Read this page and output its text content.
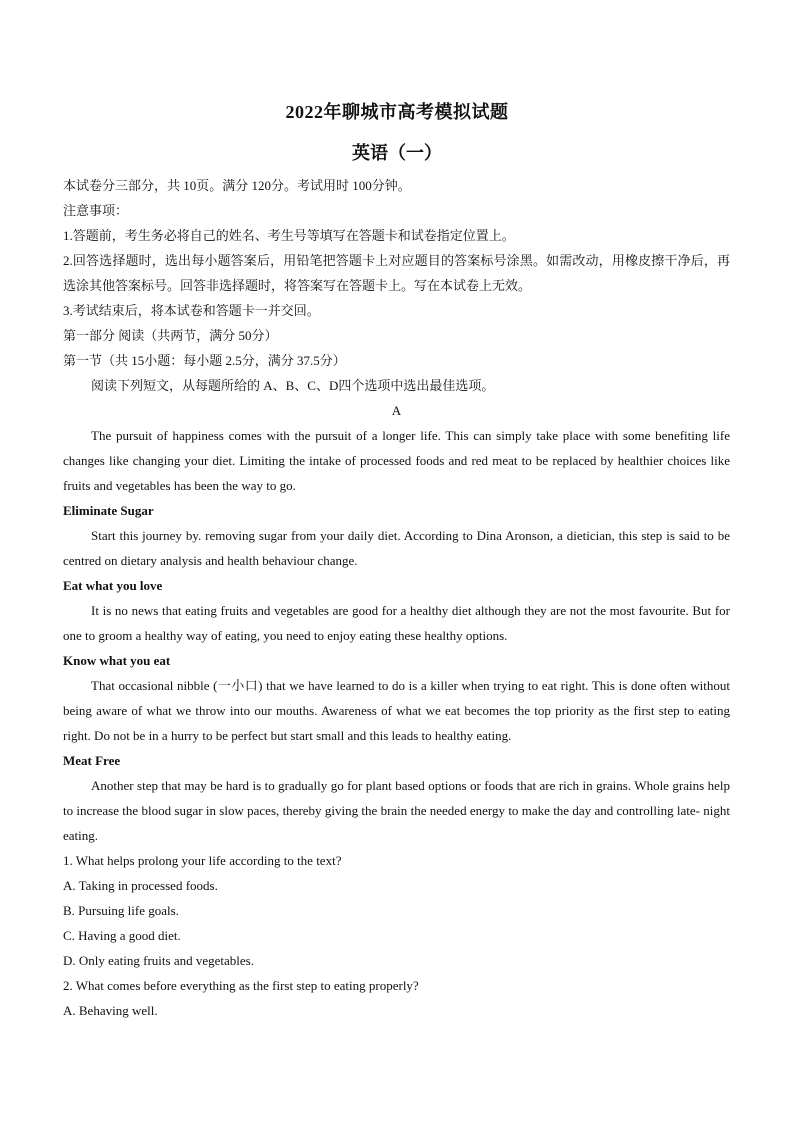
2022年聊城市高考模拟试题
英语（一）

本试卷分三部分，共 10页。满分 120分。考试用时 100分钟。

注意事项：

1.答题前，考生务必将自己的姓名、考生号等填写在答题卡和试卷指定位置上。

2.回答选择题时，选出每小题答案后，用铅笔把答题卡上对应题目的答案标号涂黑。如需改动，用橡皮擦干净后，再选涂其他答案标号。回答非选择题时，将答案写在答题卡上。写在本试卷上无效。

3.考试结束后，将本试卷和答题卡一并交回。

第一部分 阅读（共两节，满分 50分）

第一节（共 15小题：每小题 2.5分，满分 37.5分）

阅读下列短文，从每题所给的 A、B、C、D四个选项中选出最佳选项。

A

The pursuit of happiness comes with the pursuit of a longer life. This can simply take place with some benefiting life changes like changing your diet. Limiting the intake of processed foods and red meat to be replaced by healthier choices like fruits and vegetables has been the way to go.

Eliminate Sugar

Start this journey by. removing sugar from your daily diet. According to Dina Aronson, a dietician, this step is said to be centred on dietary analysis and health behaviour change.

Eat what you love

It is no news that eating fruits and vegetables are good for a healthy diet although they are not the most favourite. But for one to groom a healthy way of eating, you need to enjoy eating these healthy options.

Know what you eat

That occasional nibble (一小口) that we have learned to do is a killer when trying to eat right. This is done often without being aware of what we throw into our mouths. Awareness of what we eat becomes the top priority as the first step to eating right. Do not be in a hurry to be perfect but start small and this leads to healthy eating.

Meat Free

Another step that may be hard is to gradually go for plant based options or foods that are rich in grains. Whole grains help to increase the blood sugar in slow paces, thereby giving the brain the needed energy to make the day and controlling late- night eating.

1. What helps prolong your life according to the text?

A. Taking in processed foods.

B. Pursuing life goals.

C. Having a good diet.

D. Only eating fruits and vegetables.

2. What comes before everything as the first step to eating properly?

A. Behaving well.
